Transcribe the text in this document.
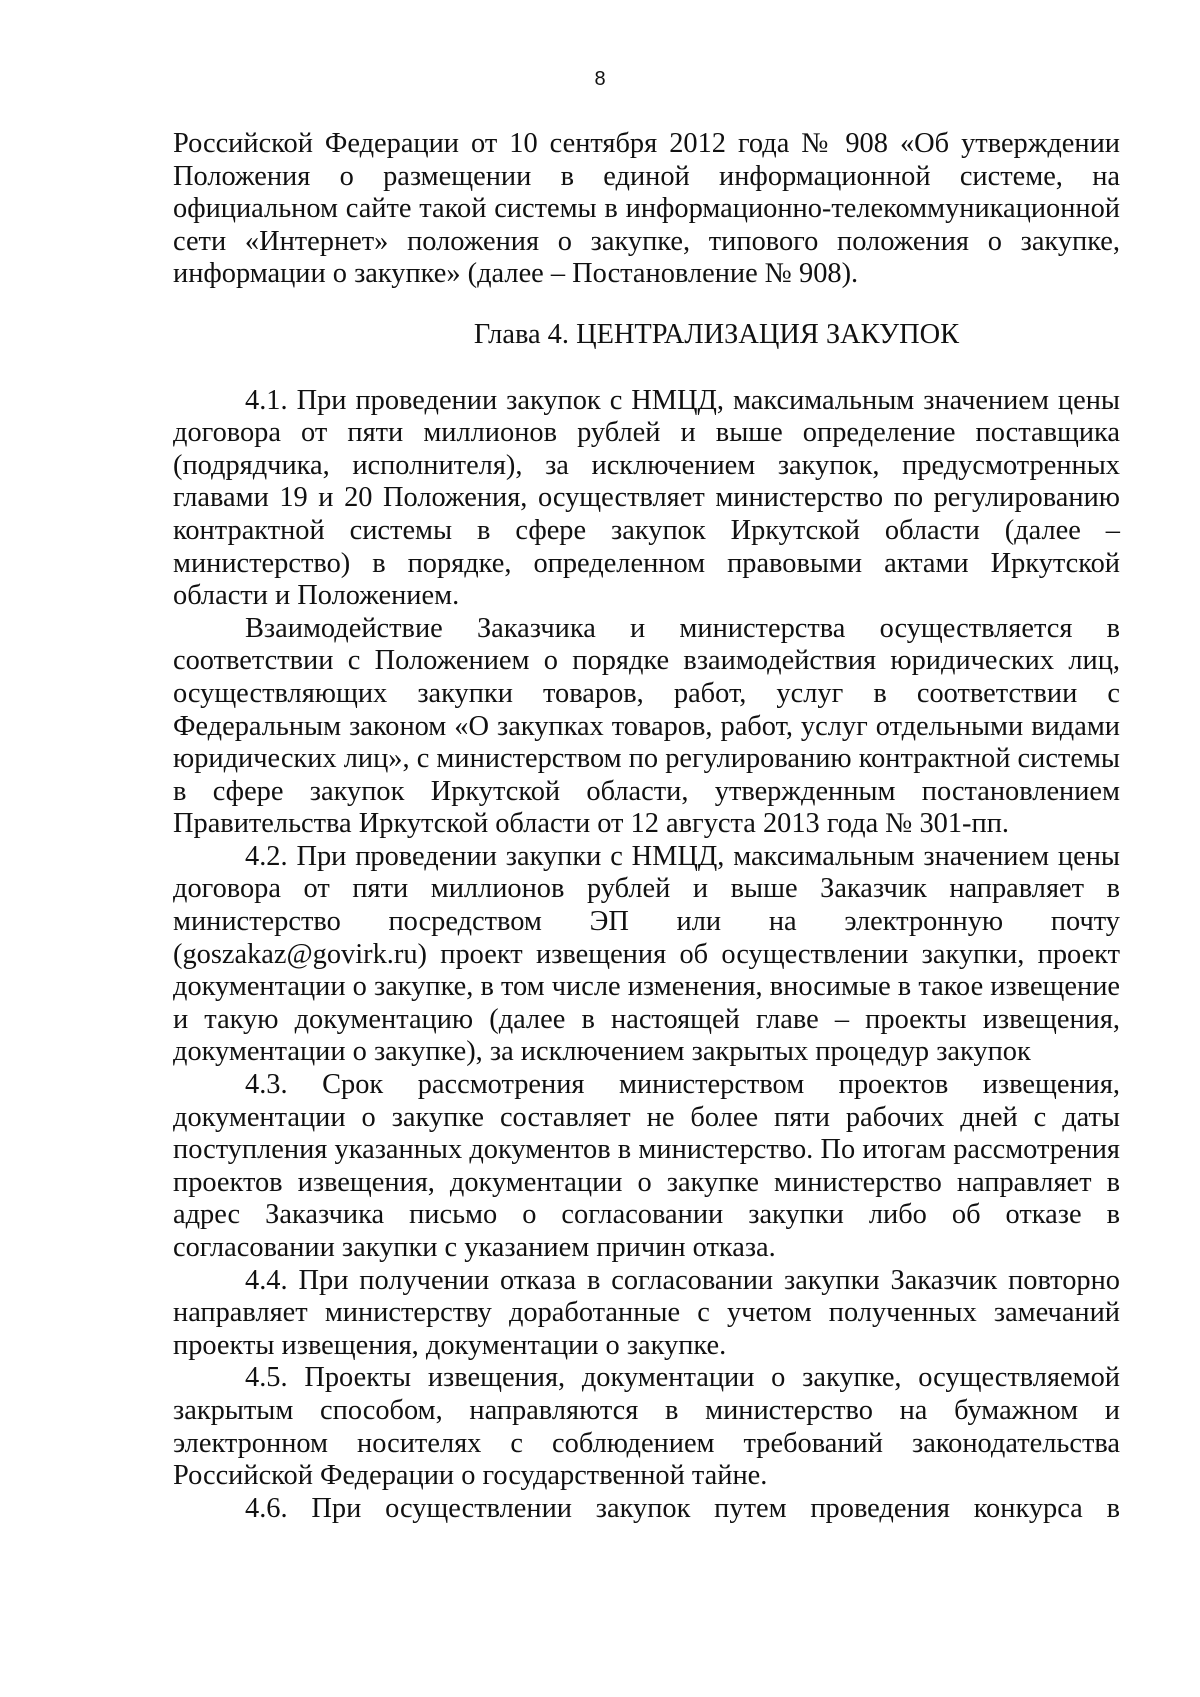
8

Российской Федерации от 10 сентября 2012 года № 908 «Об утверждении Положения о размещении в единой информационной системе, на официальном сайте такой системы в информационно-телекоммуникационной сети «Интернет» положения о закупке, типового положения о закупке, информации о закупке» (далее – Постановление № 908).

Глава 4. ЦЕНТРАЛИЗАЦИЯ ЗАКУПОК

4.1. При проведении закупок с НМЦД, максимальным значением цены договора от пяти миллионов рублей и выше определение поставщика (подрядчика, исполнителя), за исключением закупок, предусмотренных главами 19 и 20 Положения, осуществляет министерство по регулированию контрактной системы в сфере закупок Иркутской области (далее – министерство) в порядке, определенном правовыми актами Иркутской области и Положением.

Взаимодействие Заказчика и министерства осуществляется в соответствии с Положением о порядке взаимодействия юридических лиц, осуществляющих закупки товаров, работ, услуг в соответствии с Федеральным законом «О закупках товаров, работ, услуг отдельными видами юридических лиц», с министерством по регулированию контрактной системы в сфере закупок Иркутской области, утвержденным постановлением Правительства Иркутской области от 12 августа 2013 года № 301-пп.

4.2. При проведении закупки с НМЦД, максимальным значением цены договора от пяти миллионов рублей и выше Заказчик направляет в министерство посредством ЭП или на электронную почту (goszakaz@govirk.ru) проект извещения об осуществлении закупки, проект документации о закупке, в том числе изменения, вносимые в такое извещение и такую документацию (далее в настоящей главе – проекты извещения, документации о закупке), за исключением закрытых процедур закупок

4.3. Срок рассмотрения министерством проектов извещения, документации о закупке составляет не более пяти рабочих дней с даты поступления указанных документов в министерство. По итогам рассмотрения проектов извещения, документации о закупке министерство направляет в адрес Заказчика письмо о согласовании закупки либо об отказе в согласовании закупки с указанием причин отказа.

4.4. При получении отказа в согласовании закупки Заказчик повторно направляет министерству доработанные с учетом полученных замечаний проекты извещения, документации о закупке.

4.5. Проекты извещения, документации о закупке, осуществляемой закрытым способом, направляются в министерство на бумажном и электронном носителях с соблюдением требований законодательства Российской Федерации о государственной тайне.

4.6. При осуществлении закупок путем проведения конкурса в
